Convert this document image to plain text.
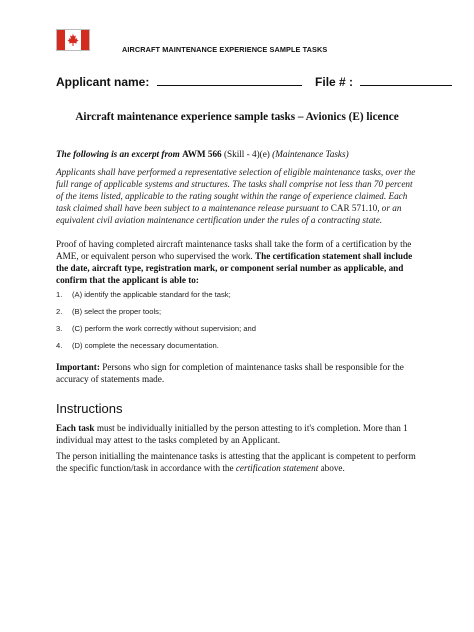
AIRCRAFT MAINTENANCE EXPERIENCE SAMPLE TASKS
Applicant name:	File # :
Aircraft maintenance experience sample tasks – Avionics (E) licence
The following is an excerpt from AWM 566 (Skill - 4)(e) (Maintenance Tasks)
Applicants shall have performed a representative selection of eligible maintenance tasks, over the full range of applicable systems and structures. The tasks shall comprise not less than 70 percent of the items listed, applicable to the rating sought within the range of experience claimed. Each task claimed shall have been subject to a maintenance release pursuant to CAR 571.10, or an equivalent civil aviation maintenance certification under the rules of a contracting state.
Proof of having completed aircraft maintenance tasks shall take the form of a certification by the AME, or equivalent person who supervised the work. The certification statement shall include the date, aircraft type, registration mark, or component serial number as applicable, and confirm that the applicant is able to:
1.	(A) identify the applicable standard for the task;
2.	(B) select the proper tools;
3.	(C) perform the work correctly without supervision; and
4.	(D) complete the necessary documentation.
Important: Persons who sign for completion of maintenance tasks shall be responsible for the accuracy of statements made.
Instructions
Each task must be individually initialled by the person attesting to it's completion. More than 1 individual may attest to the tasks completed by an Applicant.
The person initialling the maintenance tasks is attesting that the applicant is competent to perform the specific function/task in accordance with the certification statement above.
